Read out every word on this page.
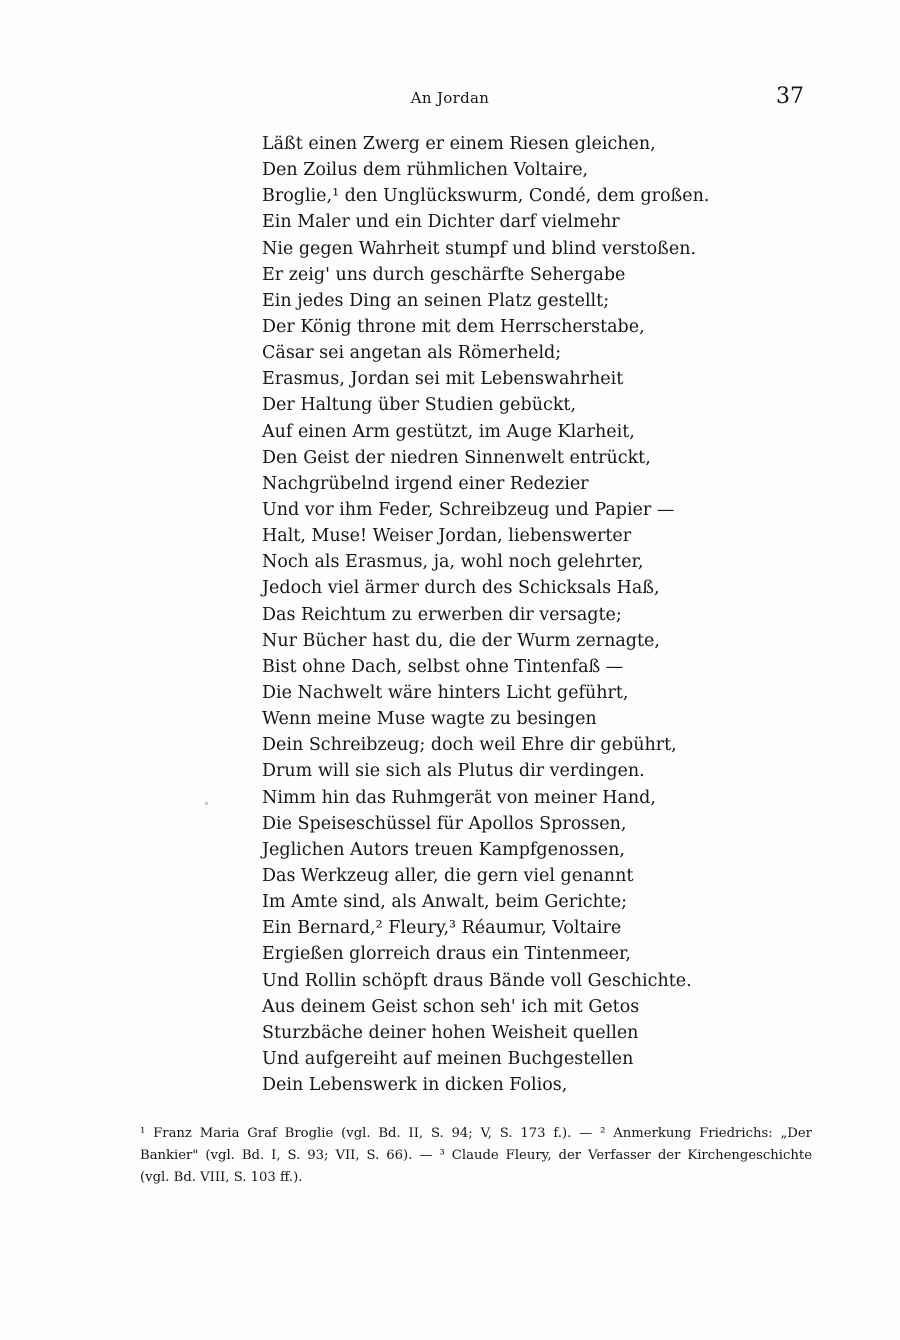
An Jordan	37
Läßt einen Zwerg er einem Riesen gleichen,
Den Zoilus dem rühmlichen Voltaire,
Broglie,¹ den Unglückswurm, Condé, dem großen.
Ein Maler und ein Dichter darf vielmehr
Nie gegen Wahrheit stumpf und blind verstoßen.
Er zeig' uns durch geschärfte Sehergabe
Ein jedes Ding an seinen Platz gestellt;
Der König throne mit dem Herrscherstabe,
Cäsar sei angetan als Römerheld;
Erasmus, Jordan sei mit Lebenswahrheit
Der Haltung über Studien gebückt,
Auf einen Arm gestützt, im Auge Klarheit,
Den Geist der niedren Sinnenwelt entrückt,
Nachgrübelnd irgend einer Redezier
Und vor ihm Feder, Schreibzeug und Papier —
Halt, Muse! Weiser Jordan, liebenswerter
Noch als Erasmus, ja, wohl noch gelehrter,
Jedoch viel ärmer durch des Schicksals Haß,
Das Reichtum zu erwerben dir versagte;
Nur Bücher hast du, die der Wurm zernagte,
Bist ohne Dach, selbst ohne Tintenfaß —
Die Nachwelt wäre hinters Licht geführt,
Wenn meine Muse wagte zu besingen
Dein Schreibzeug; doch weil Ehre dir gebührt,
Drum will sie sich als Plutus dir verdingen.
Nimm hin das Ruhmgerät von meiner Hand,
Die Speiseschüssel für Apollos Sprossen,
Jeglichen Autors treuen Kampfgenossen,
Das Werkzeug aller, die gern viel genannt
Im Amte sind, als Anwalt, beim Gerichte;
Ein Bernard,² Fleury,³ Réaumur, Voltaire
Ergießen glorreich draus ein Tintenmeer,
Und Rollin schöpft draus Bände voll Geschichte.
Aus deinem Geist schon seh' ich mit Getos
Sturzbäche deiner hohen Weisheit quellen
Und aufgereiht auf meinen Buchgestellen
Dein Lebenswerk in dicken Folios,
¹ Franz Maria Graf Broglie (vgl. Bd. II, S. 94; V, S. 173 f.). — ² Anmerkung Friedrichs: „Der
Bankier" (vgl. Bd. I, S. 93; VII, S. 66). — ³ Claude Fleury, der Verfasser der Kirchengeschichte
(vgl. Bd. VIII, S. 103 ff.).
